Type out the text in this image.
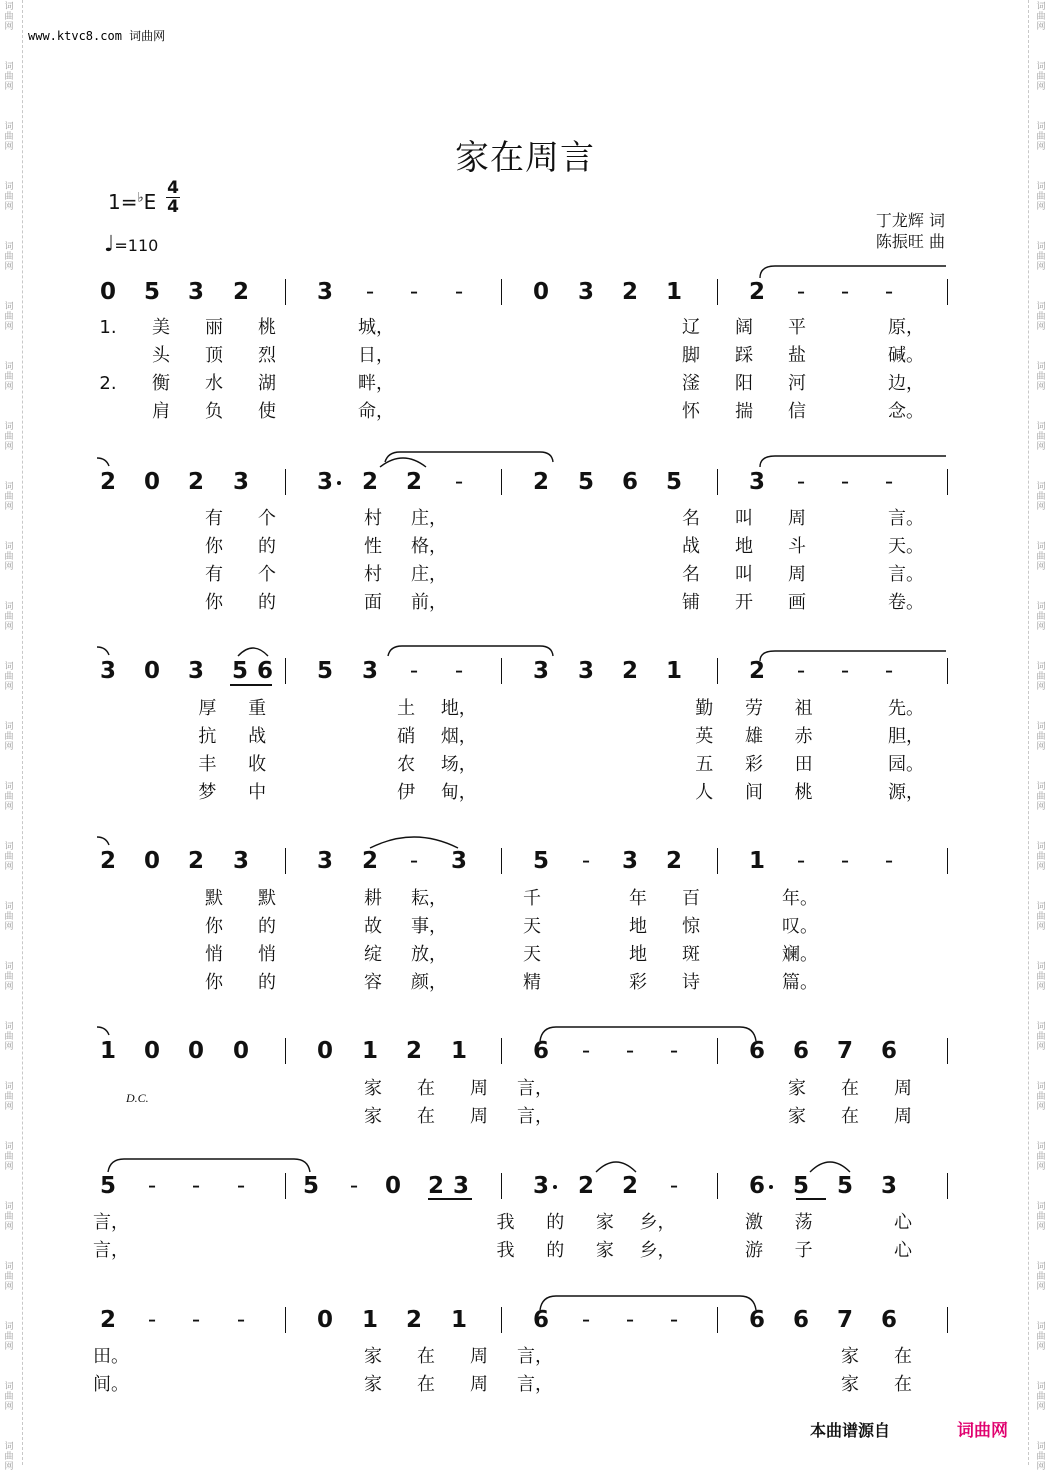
词
曲
网
词
曲
网
词
曲
网
词
曲
网
词
曲
网
词
曲
网
词
曲
网
词
曲
网
词
曲
网
词
曲
网
词
曲
网
词
曲
网
词
曲
网
词
曲
网
词
曲
网
词
曲
网
词
曲
网
词
曲
网
词
曲
网
词
曲
网
词
曲
网
词
曲
网
词
曲
网
词
曲
网
词
曲
网
词
曲
网
词
曲
网
词
曲
网
词
曲
网
词
曲
网
词
曲
网
词
曲
网
词
曲
网
词
曲
网
词
曲
网
词
曲
网
词
曲
网
词
曲
网
词
曲
网
词
曲
网
词
曲
网
词
曲
网
词
曲
网
词
曲
网
词
曲
网
词
曲
网
词
曲
网
词
曲
网
词
曲
网
词
曲
网
www.ktvc8.com 词曲网
家在周言
1=♭E
4
4
♩=110
丁龙辉 词
陈振旺 曲
0 5 3 2	3	-	-	-	0 3 2 1	2	-	-	-
1.	美	丽	桃	城，	辽	阔	平	原，
头	顶	烈	日，	脚	踩	盐	碱。
2.	衡	水	湖	畔，	滏	阳	河	边，
肩	负	使	命，	怀	揣	信	念。
2 0 2 3	3 2 2	-	2 5 6 5	3	-	-	-
有	个	村	庄，	名	叫	周	言。
你	的	性	格，	战	地	斗	天。
有	个	村	庄，	名	叫	周	言。
你	的	面	前，	铺	开	画	卷。
3 0 3 5 6 5 3	-	-	3 3 2 1	2	-	-	-
厚	重	土	地，	勤	劳	祖	先。
抗	战	硝	烟，	英	雄	赤	胆，
丰	收	农	场，	五	彩	田	园。
梦	中	伊	甸，	人	间	桃	源，
2 0 2 3	3 2	-	3	5	-	3 2	1	-	-	-
默	默	耕	耘，	千	年	百	年。
你	的	故	事，	天	地	惊	叹。
悄	悄	绽	放，	天	地	斑	斓。
你	的	容	颜，	精	彩	诗	篇。
1 0 0 0	0 1 2 1	6	-	-	-	6 6 7 6
家	在	周	言，	家	在	周
家	在	周	言，	家	在	周
5	-	-	-	5	-	0 2 3	3 2 2	-	6 5 5 3
言，	我	的	家	乡，	激	荡	心
言，	我	的	家	乡，	游	子	心
2	-	-	-	0 1 2 1	6	-	-	-	6 6 7 6
田。	家	在	周	言，	家	在
间。	家	在	周	言，	家	在
D.C.
本曲谱源自	词曲网
